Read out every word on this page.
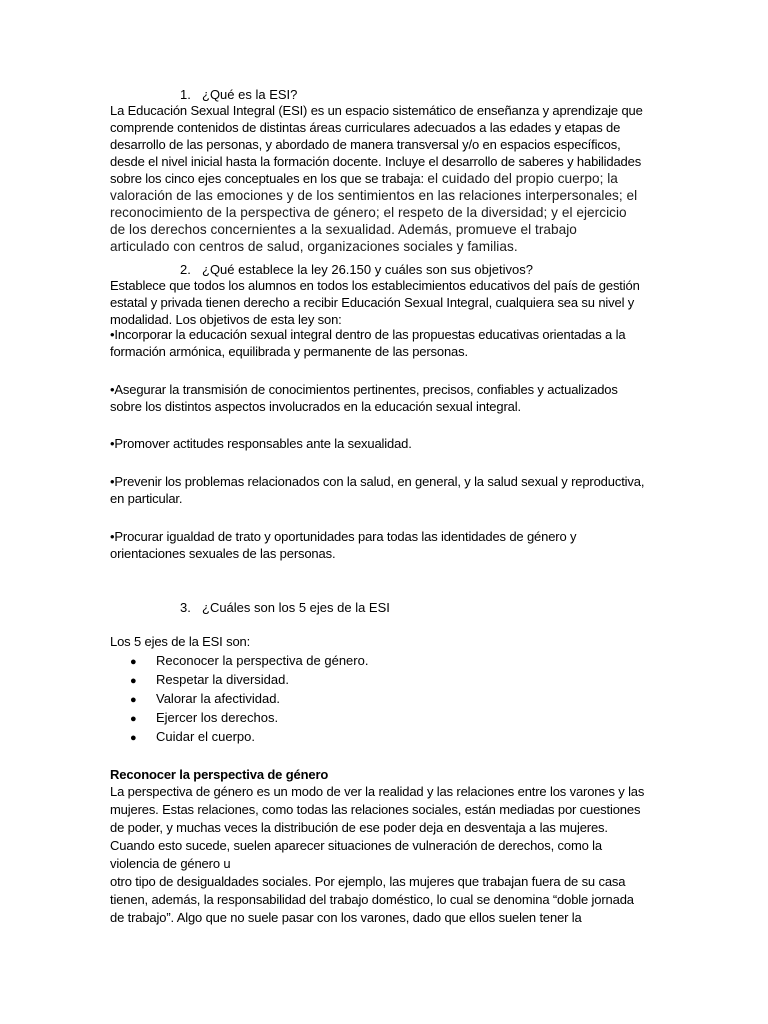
1. ¿Qué es la ESI?
La Educación Sexual Integral (ESI) es un espacio sistemático de enseñanza y aprendizaje que
comprende contenidos de distintas áreas curriculares adecuados a las edades y etapas de
desarrollo de las personas, y abordado de manera transversal y/o en espacios específicos,
desde el nivel inicial hasta la formación docente. Incluye el desarrollo de saberes y habilidades
sobre los cinco ejes conceptuales en los que se trabaja: el cuidado del propio cuerpo; la
valoración de las emociones y de los sentimientos en las relaciones interpersonales; el
reconocimiento de la perspectiva de género; el respeto de la diversidad; y el ejercicio
de los derechos concernientes a la sexualidad. Además, promueve el trabajo
articulado con centros de salud, organizaciones sociales y familias.
2. ¿Qué establece la ley 26.150 y cuáles son sus objetivos?
Establece que todos los alumnos en todos los establecimientos educativos del país de gestión
estatal y privada tienen derecho a recibir Educación Sexual Integral, cualquiera sea su nivel y
modalidad. Los objetivos de esta ley son:
•Incorporar la educación sexual integral dentro de las propuestas educativas orientadas a la
formación armónica, equilibrada y permanente de las personas.
•Asegurar la transmisión de conocimientos pertinentes, precisos, confiables y actualizados
sobre los distintos aspectos involucrados en la educación sexual integral.
•Promover actitudes responsables ante la sexualidad.
•Prevenir los problemas relacionados con la salud, en general, y la salud sexual y reproductiva,
en particular.
•Procurar igualdad de trato y oportunidades para todas las identidades de género y
orientaciones sexuales de las personas.
3. ¿Cuáles son los 5 ejes de la ESI
Los 5 ejes de la ESI son:
● Reconocer la perspectiva de género.
● Respetar la diversidad.
● Valorar la afectividad.
● Ejercer los derechos.
● Cuidar el cuerpo.
Reconocer la perspectiva de género
La perspectiva de género es un modo de ver la realidad y las relaciones entre los varones y las
mujeres. Estas relaciones, como todas las relaciones sociales, están mediadas por cuestiones
de poder, y muchas veces la distribución de ese poder deja en desventaja a las mujeres.
Cuando esto sucede, suelen aparecer situaciones de vulneración de derechos, como la
violencia de género u
otro tipo de desigualdades sociales. Por ejemplo, las mujeres que trabajan fuera de su casa
tienen, además, la responsabilidad del trabajo doméstico, lo cual se denomina “doble jornada
de trabajo”. Algo que no suele pasar con los varones, dado que ellos suelen tener la
